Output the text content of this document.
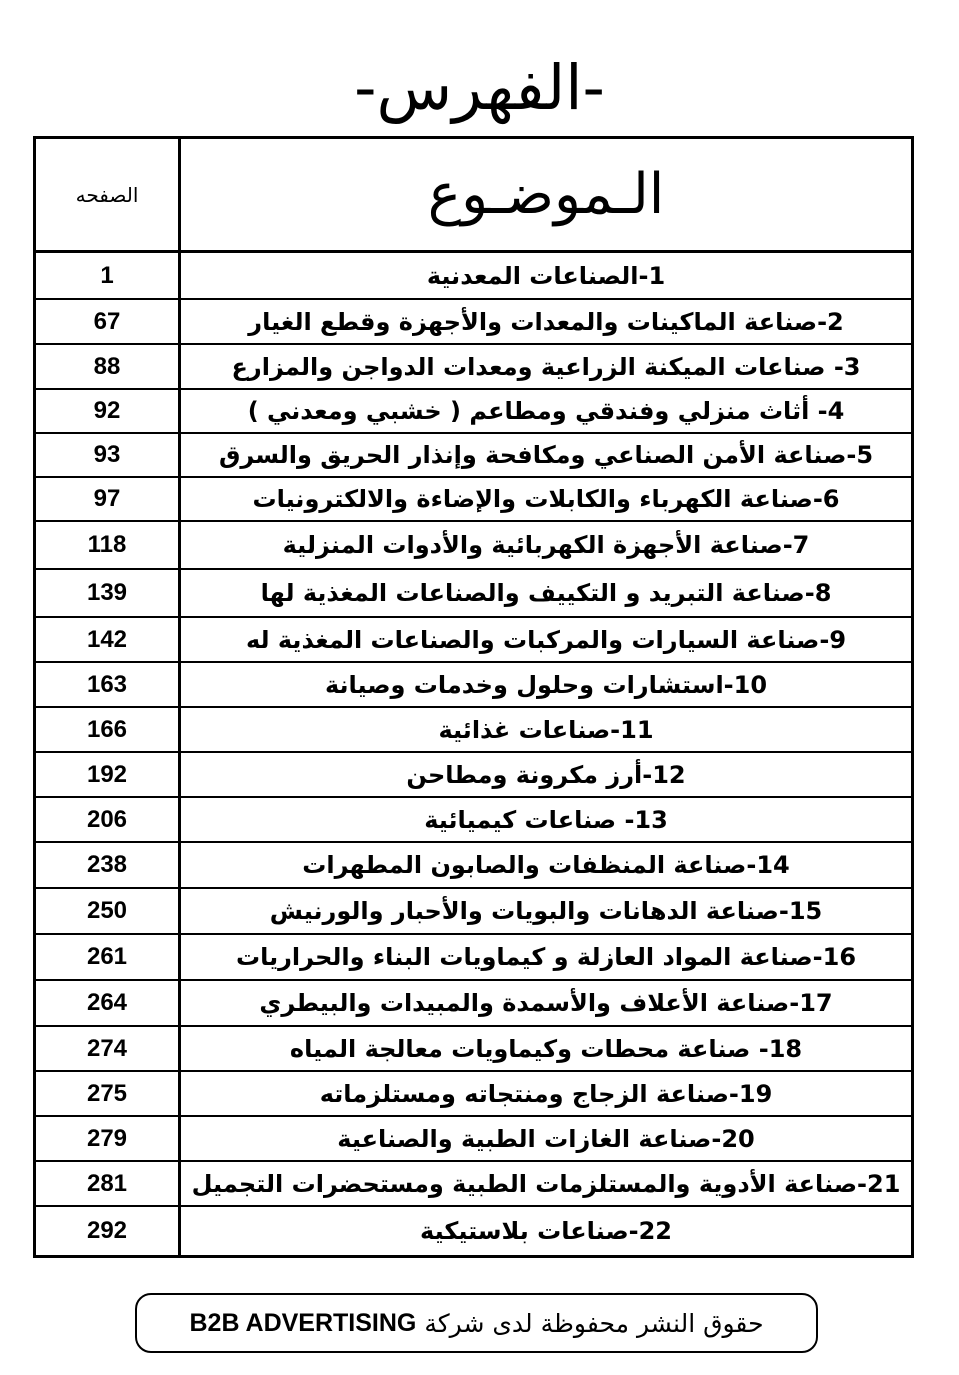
-الفهرس-
الصفحه	الـموضـوع
1	1-الصناعات المعدنية
67	2-صناعة الماكينات والمعدات والأجهزة وقطع الغيار
88	3- صناعات الميكنة الزراعية ومعدات الدواجن والمزارع
92	4- أثاث منزلي وفندقي ومطاعم ( خشبي ومعدني )
93	5-صناعة الأمن الصناعي ومكافحة وإنذار الحريق والسرق
97	6-صناعة الكهرباء والكابلات والإضاءة والالكترونيات
118	7-صناعة الأجهزة الكهربائية والأدوات المنزلية
139	8-صناعة التبريد و التكييف والصناعات المغذية لها
142	9-صناعة السيارات والمركبات والصناعات المغذية له
163	10-استشارات وحلول وخدمات وصيانة
166	11-صناعات غذائية
192	12-أرز مكرونة ومطاحن
206	13- صناعات كيميائية
238	14-صناعة المنظفات والصابون المطهرات
250	15-صناعة الدهانات والبويات والأحبار والورنيش
261	16-صناعة المواد العازلة و كيماويات البناء والحراريات
264	17-صناعة الأعلاف والأسمدة والمبيدات والبيطري
274	18- صناعة محطات وكيماويات معالجة المياه
275	19-صناعة الزجاج ومنتجاته ومستلزماته
279	20-صناعة الغازات الطبية والصناعية
281	21-صناعة الأدوية والمستلزمات الطبية ومستحضرات التجميل
292	22-صناعات بلاستيكية
حقوق النشر محفوظة لدى شركة
B2B ADVERTISING
